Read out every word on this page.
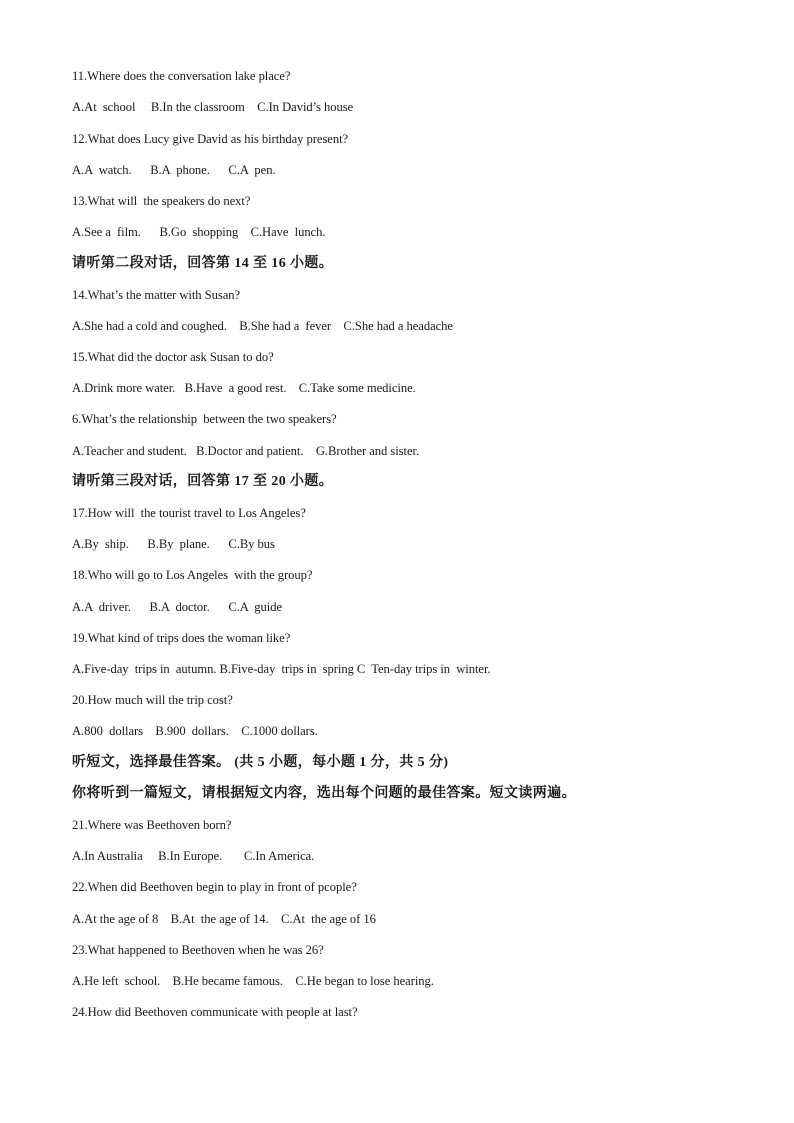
11.Where does the conversation lake place?
A.At  school     B.In the classroom    C.In David’s house
12.What does Lucy give David as his birthday present?
A.A  watch.      B.A  phone.      C.A  pen.
13.What will  the speakers do next?
A.See a  film.      B.Go  shopping    C.Have  lunch.
请听第二段对话，回答第 14 至 16 小题。
14.What’s the matter with Susan?
A.She had a cold and coughed.    B.She had a  fever    C.She had a headache
15.What did the doctor ask Susan to do?
A.Drink more water.   B.Have  a good rest.    C.Take some medicine.
6.What’s the relationship  between the two speakers?
A.Teacher and student.   B.Doctor and patient.    G.Brother and sister.
请听第三段对话，回答第 17 至 20 小题。
17.How will  the tourist travel to Los Angeles?
A.By  ship.      B.By  plane.      C.By bus
18.Who will go to Los Angeles  with the group?
A.A  driver.      B.A  doctor.      C.A  guide
19.What kind of trips does the woman like?
A.Five-day  trips in  autumn. B.Five-day  trips in  spring C  Ten-day trips in  winter.
20.How much will the trip cost?
A.800  dollars    B.900  dollars.    C.1000 dollars.
听短文，选择最佳答案。 (共 5 小题，每小题 1 分，共 5 分)
你将听到一篇短文，请根据短文内容，选出每个问题的最佳答案。短文读两遍。
21.Where was Beethoven born?
A.In Australia     B.In Europe.       C.In America.
22.When did Beethoven begin to play in front of pcople?
A.At the age of 8    B.At  the age of 14.    C.At  the age of 16
23.What happened to Beethoven when he was 26?
A.He left  school.    B.He became famous.    C.He began to lose hearing.
24.How did Beethoven communicate with people at last?
